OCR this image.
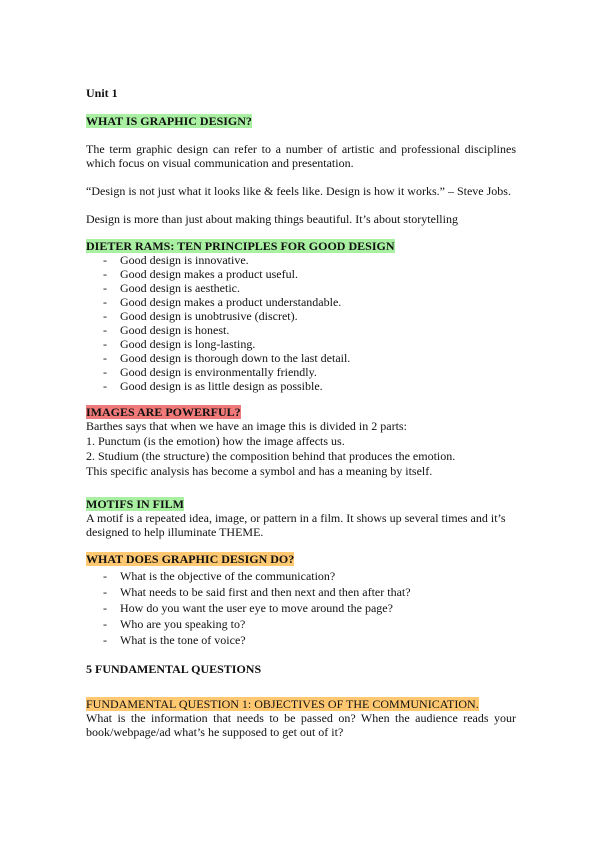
Unit 1
WHAT IS GRAPHIC DESIGN?
The term graphic design can refer to a number of artistic and professional disciplines which focus on visual communication and presentation.
“Design is not just what it looks like & feels like. Design is how it works.” – Steve Jobs.
Design is more than just about making things beautiful. It’s about storytelling
DIETER RAMS: TEN PRINCIPLES FOR GOOD DESIGN
- Good design is innovative.
- Good design makes a product useful.
- Good design is aesthetic.
- Good design makes a product understandable.
- Good design is unobtrusive (discret).
- Good design is honest.
- Good design is long-lasting.
- Good design is thorough down to the last detail.
- Good design is environmentally friendly.
- Good design is as little design as possible.
IMAGES ARE POWERFUL?
Barthes says that when we have an image this is divided in 2 parts:
1. Punctum (is the emotion) how the image affects us.
2. Studium (the structure) the composition behind that produces the emotion.
This specific analysis has become a symbol and has a meaning by itself.
MOTIFS IN FILM
A motif is a repeated idea, image, or pattern in a film. It shows up several times and it’s designed to help illuminate THEME.
WHAT DOES GRAPHIC DESIGN DO?
- What is the objective of the communication?
- What needs to be said first and then next and then after that?
- How do you want the user eye to move around the page?
- Who are you speaking to?
- What is the tone of voice?
5 FUNDAMENTAL QUESTIONS
FUNDAMENTAL QUESTION 1: OBJECTIVES OF THE COMMUNICATION.
What is the information that needs to be passed on? When the audience reads your book/webpage/ad what’s he supposed to get out of it?
